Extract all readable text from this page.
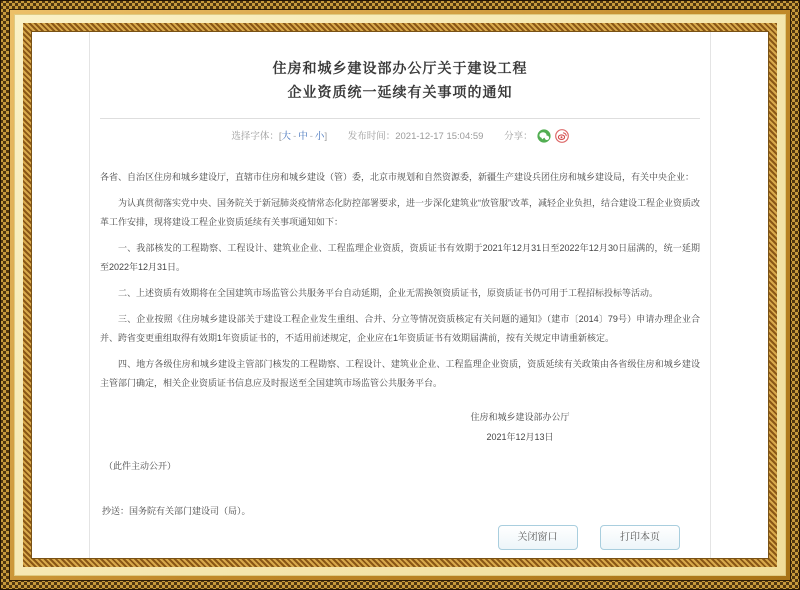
住房和城乡建设部办公厅关于建设工程
企业资质统一延续有关事项的通知
选择字体：[大 - 中 - 小] 发布时间：2021-12-17 15:04:59 分享：

各省、自治区住房和城乡建设厅，直辖市住房和城乡建设（管）委，北京市规划和自然资源委，新疆生产建设兵团住房和城乡建设局，有关中央企业：

为认真贯彻落实党中央、国务院关于新冠肺炎疫情常态化防控部署要求，进一步深化建筑业“放管服”改革，减轻企业负担，结合建设工程企业资质改革工作安排，现将建设工程企业资质延续有关事项通知如下：

一、我部核发的工程勘察、工程设计、建筑业企业、工程监理企业资质，资质证书有效期于2021年12月31日至2022年12月30日届满的，统一延期至2022年12月31日。

二、上述资质有效期将在全国建筑市场监管公共服务平台自动延期，企业无需换领资质证书，原资质证书仍可用于工程招标投标等活动。

三、企业按照《住房城乡建设部关于建设工程企业发生重组、合并、分立等情况资质核定有关问题的通知》（建市〔2014〕79号）申请办理企业合并、跨省变更重组取得有效期1年资质证书的，不适用前述规定，企业应在1年资质证书有效期届满前，按有关规定申请重新核定。

四、地方各级住房和城乡建设主管部门核发的工程勘察、工程设计、建筑业企业、工程监理企业资质，资质延续有关政策由各省级住房和城乡建设主管部门确定，相关企业资质证书信息应及时报送至全国建筑市场监管公共服务平台。

住房和城乡建设部办公厅
2021年12月13日
（此件主动公开）
抄送：国务院有关部门建设司（局）。
关闭窗口	打印本页
